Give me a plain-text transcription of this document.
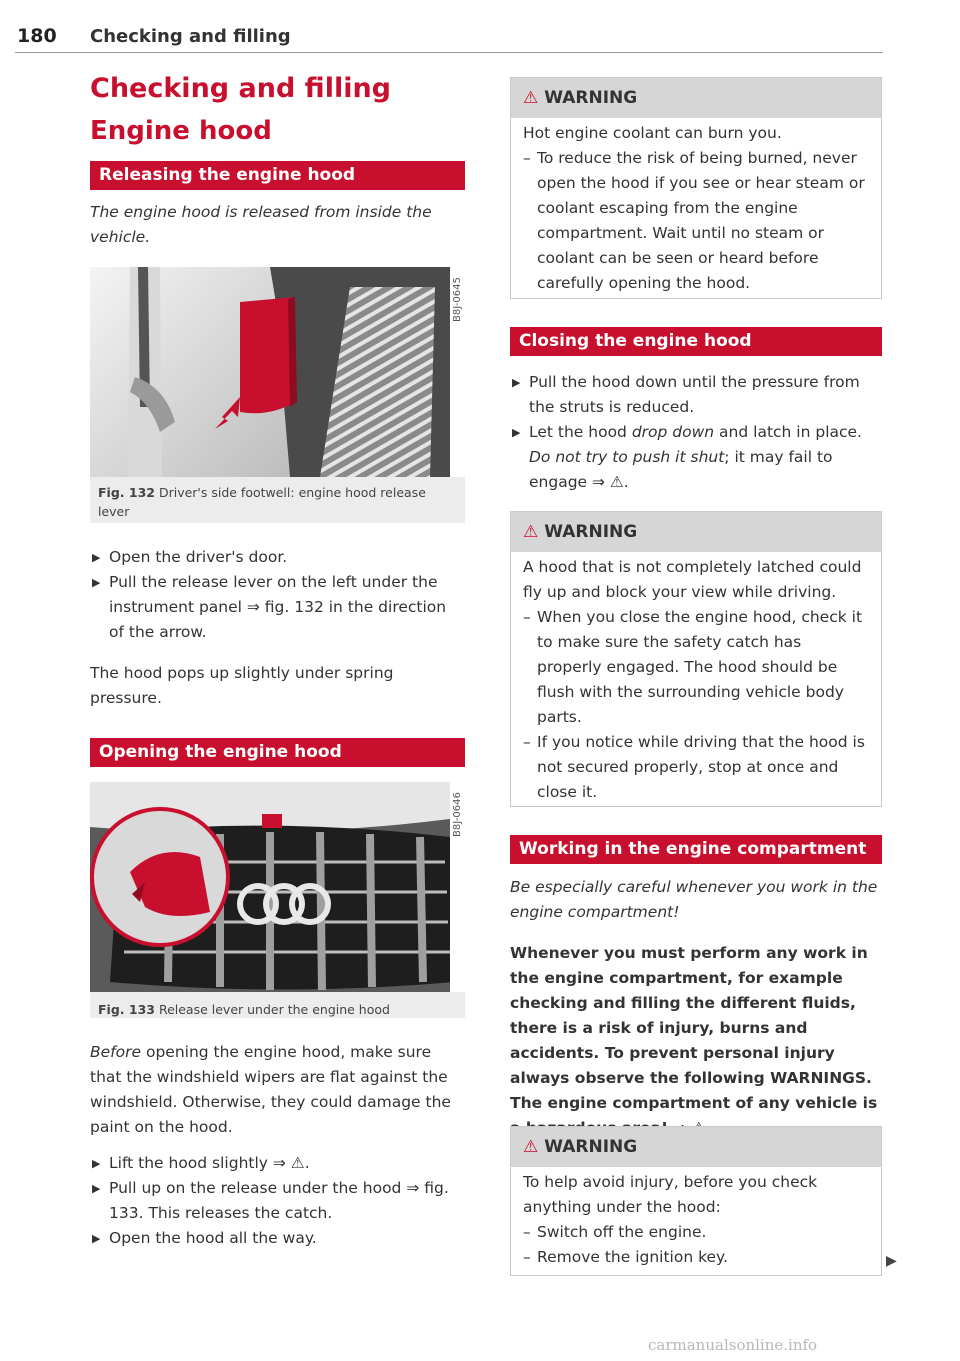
180 Checking and filling
Checking and filling
Engine hood
Releasing the engine hood

The engine hood is released from inside the vehicle.

B8J-0645
Fig. 132 Driver's side footwell: engine hood release lever
▶ Open the driver's door.
▶ Pull the release lever on the left under the instrument panel ⇒ fig. 132 in the direction of the arrow.

The hood pops up slightly under spring pressure.

Opening the engine hood
B8J-0646
Fig. 133 Release lever under the engine hood

Before opening the engine hood, make sure that the windshield wipers are flat against the windshield. Otherwise, they could damage the paint on the hood.

▶ Lift the hood slightly ⇒ ⚠.
▶ Pull up on the release under the hood ⇒ fig. 133. This releases the catch.
▶ Open the hood all the way.
⚠ WARNING

Hot engine coolant can burn you.

– To reduce the risk of being burned, never open the hood if you see or hear steam or coolant escaping from the engine compartment. Wait until no steam or coolant can be seen or heard before carefully opening the hood.
Closing the engine hood
▶ Pull the hood down until the pressure from the struts is reduced.
▶ Let the hood drop down and latch in place. Do not try to push it shut; it may fail to engage ⇒ ⚠.
⚠ WARNING

A hood that is not completely latched could fly up and block your view while driving.

– When you close the engine hood, check it to make sure the safety catch has properly engaged. The hood should be flush with the surrounding vehicle body parts.
– If you notice while driving that the hood is not secured properly, stop at once and close it.
Working in the engine compartment

Be especially careful whenever you work in the engine compartment!

Whenever you must perform any work in the engine compartment, for example checking and filling the different fluids, there is a risk of injury, burns and accidents. To prevent personal injury always observe the following WARNINGS. The engine compartment of any vehicle is

⚠ WARNING

To help avoid injury, before you check anything under the hood:

– Switch off the engine.
– Remove the ignition key.	▶
carmanualsonline.info
